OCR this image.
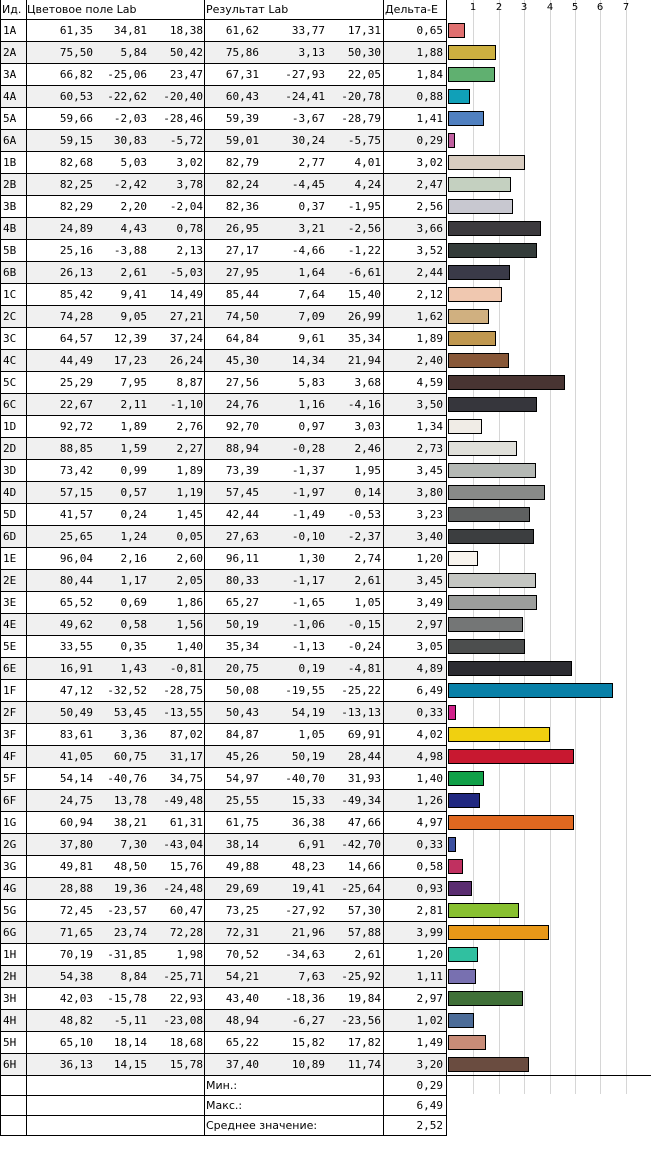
Ид. Цветовое поле Lab	Результат Lab	Дельта-E
1A	61,35	34,81	18,38	61,62	33,77	17,31	0,65
2A	75,50	5,84	50,42	75,86	3,13	50,30	1,88
3A	66,82	-25,06	23,47	67,31	-27,93	22,05	1,84
4A	60,53	-22,62	-20,40	60,43	-24,41	-20,78	0,88
5A	59,66	-2,03	-28,46	59,39	-3,67	-28,79	1,41
6A	59,15	30,83	-5,72	59,01	30,24	-5,75	0,29
1B	82,68	5,03	3,02	82,79	2,77	4,01	3,02
2B	82,25	-2,42	3,78	82,24	-4,45	4,24	2,47
3B	82,29	2,20	-2,04	82,36	0,37	-1,95	2,56
4B	24,89	4,43	0,78	26,95	3,21	-2,56	3,66
5B	25,16	-3,88	2,13	27,17	-4,66	-1,22	3,52
6B	26,13	2,61	-5,03	27,95	1,64	-6,61	2,44
1C	85,42	9,41	14,49	85,44	7,64	15,40	2,12
2C	74,28	9,05	27,21	74,50	7,09	26,99	1,62
3C	64,57	12,39	37,24	64,84	9,61	35,34	1,89
4C	44,49	17,23	26,24	45,30	14,34	21,94	2,40
5C	25,29	7,95	8,87	27,56	5,83	3,68	4,59
6C	22,67	2,11	-1,10	24,76	1,16	-4,16	3,50
1D	92,72	1,89	2,76	92,70	0,97	3,03	1,34
2D	88,85	1,59	2,27	88,94	-0,28	2,46	2,73
3D	73,42	0,99	1,89	73,39	-1,37	1,95	3,45
4D	57,15	0,57	1,19	57,45	-1,97	0,14	3,80
5D	41,57	0,24	1,45	42,44	-1,49	-0,53	3,23
6D	25,65	1,24	0,05	27,63	-0,10	-2,37	3,40
1E	96,04	2,16	2,60	96,11	1,30	2,74	1,20
2E	80,44	1,17	2,05	80,33	-1,17	2,61	3,45
3E	65,52	0,69	1,86	65,27	-1,65	1,05	3,49
4E	49,62	0,58	1,56	50,19	-1,06	-0,15	2,97
5E	33,55	0,35	1,40	35,34	-1,13	-0,24	3,05
6E	16,91	1,43	-0,81	20,75	0,19	-4,81	4,89
1F	47,12	-32,52	-28,75	50,08	-19,55	-25,22	6,49
2F	50,49	53,45	-13,55	50,43	54,19	-13,13	0,33
3F	83,61	3,36	87,02	84,87	1,05	69,91	4,02
4F	41,05	60,75	31,17	45,26	50,19	28,44	4,98
5F	54,14	-40,76	34,75	54,97	-40,70	31,93	1,40
6F	24,75	13,78	-49,48	25,55	15,33	-49,34	1,26
1G	60,94	38,21	61,31	61,75	36,38	47,66	4,97
2G	37,80	7,30	-43,04	38,14	6,91	-42,70	0,33
3G	49,81	48,50	15,76	49,88	48,23	14,66	0,58
4G	28,88	19,36	-24,48	29,69	19,41	-25,64	0,93
5G	72,45	-23,57	60,47	73,25	-27,92	57,30	2,81
6G	71,65	23,74	72,28	72,31	21,96	57,88	3,99
1H	70,19	-31,85	1,98	70,52	-34,63	2,61	1,20
2H	54,38	8,84	-25,71	54,21	7,63	-25,92	1,11
3H	42,03	-15,78	22,93	43,40	-18,36	19,84	2,97
4H	48,82	-5,11	-23,08	48,94	-6,27	-23,56	1,02
5H	65,10	18,14	18,68	65,22	15,82	17,82	1,49
6H	36,13	14,15	15,78	37,40	10,89	11,74	3,20
1	2	3	4	5	6	7
Мин.:	0,29
Макс.:	6,49
Среднее значение:	2,52
